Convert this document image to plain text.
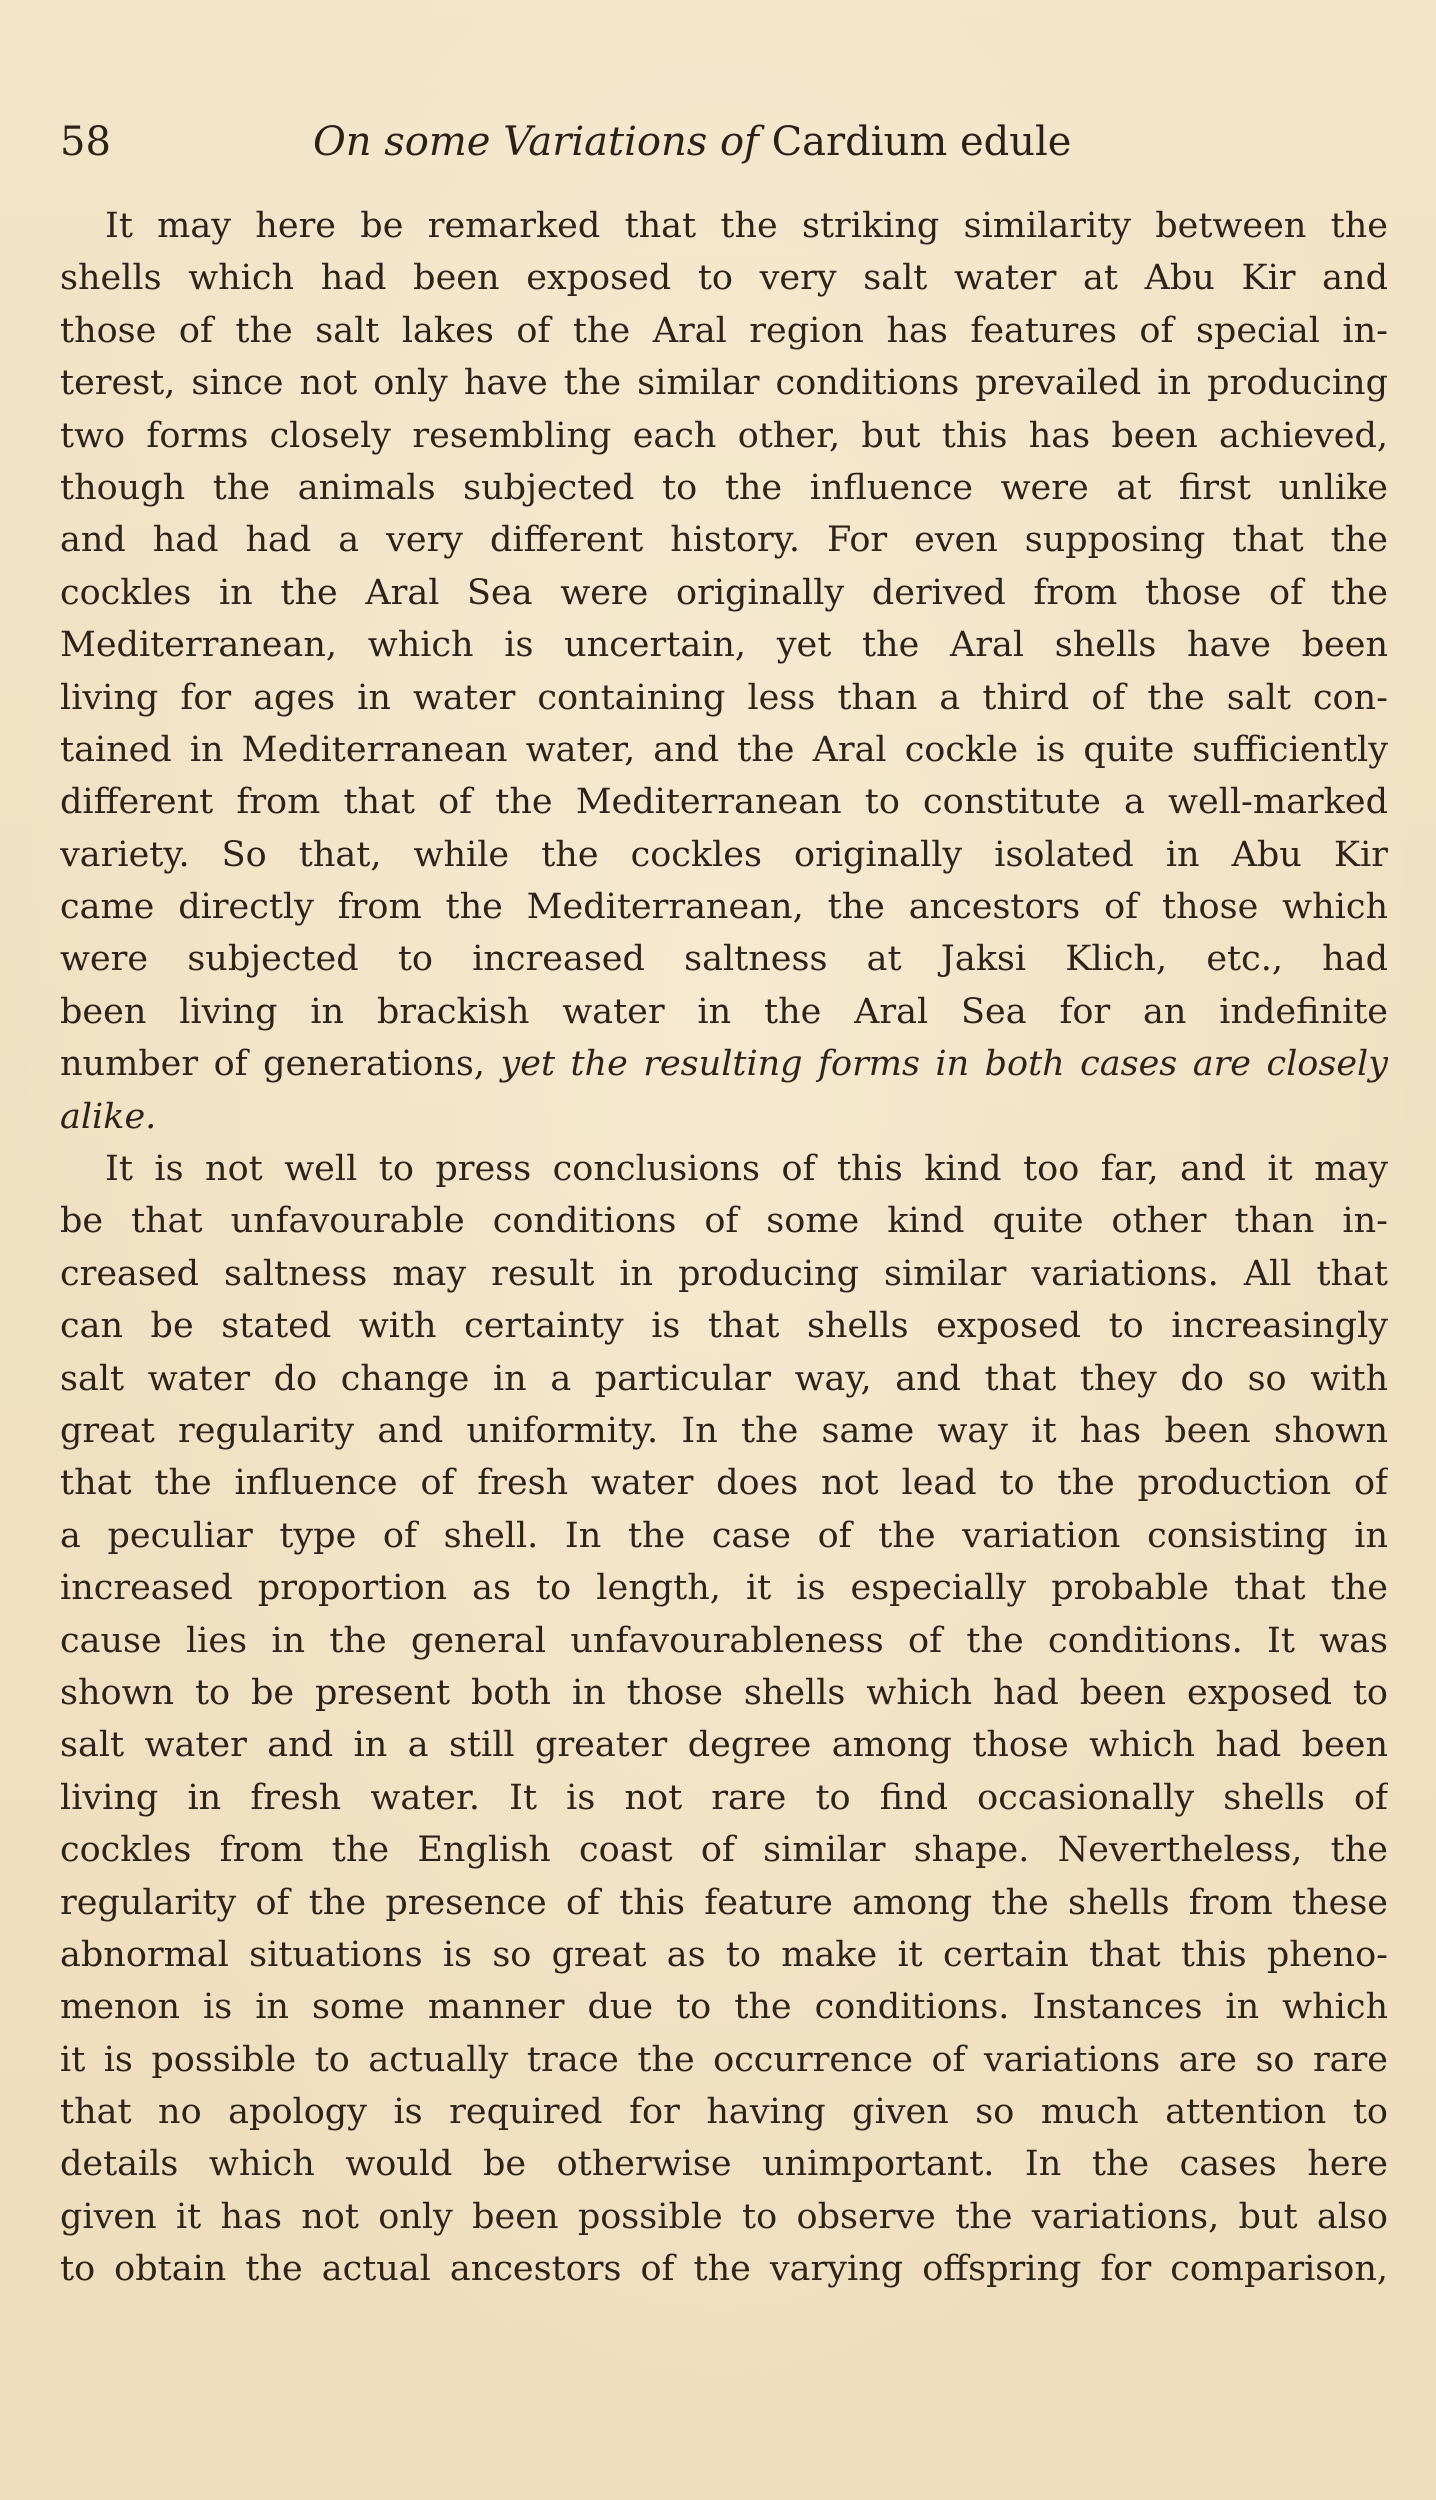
58	On some Variations of Cardium edule
It may here be remarked that the striking similarity between the
shells which had been exposed to very salt water at Abu Kir and
those of the salt lakes of the Aral region has features of special in-
terest, since not only have the similar conditions prevailed in producing
two forms closely resembling each other, but this has been achieved,
though the animals subjected to the influence were at first unlike
and had had a very different history. For even supposing that the
cockles in the Aral Sea were originally derived from those of the
Mediterranean, which is uncertain, yet the Aral shells have been
living for ages in water containing less than a third of the salt con-
tained in Mediterranean water, and the Aral cockle is quite sufficiently
different from that of the Mediterranean to constitute a well-marked
variety. So that, while the cockles originally isolated in Abu Kir
came directly from the Mediterranean, the ancestors of those which
were subjected to increased saltness at Jaksi Klich, etc., had
been living in brackish water in the Aral Sea for an indefinite
number of generations, yet the resulting forms in both cases are closely
alike.
It is not well to press conclusions of this kind too far, and it may
be that unfavourable conditions of some kind quite other than in-
creased saltness may result in producing similar variations. All that
can be stated with certainty is that shells exposed to increasingly
salt water do change in a particular way, and that they do so with
great regularity and uniformity. In the same way it has been shown
that the influence of fresh water does not lead to the production of
a peculiar type of shell. In the case of the variation consisting in
increased proportion as to length, it is especially probable that the
cause lies in the general unfavourableness of the conditions. It was
shown to be present both in those shells which had been exposed to
salt water and in a still greater degree among those which had been
living in fresh water. It is not rare to find occasionally shells of
cockles from the English coast of similar shape. Nevertheless, the
regularity of the presence of this feature among the shells from these
abnormal situations is so great as to make it certain that this pheno-
menon is in some manner due to the conditions. Instances in which
it is possible to actually trace the occurrence of variations are so rare
that no apology is required for having given so much attention to
details which would be otherwise unimportant. In the cases here
given it has not only been possible to observe the variations, but also
to obtain the actual ancestors of the varying offspring for comparison,
